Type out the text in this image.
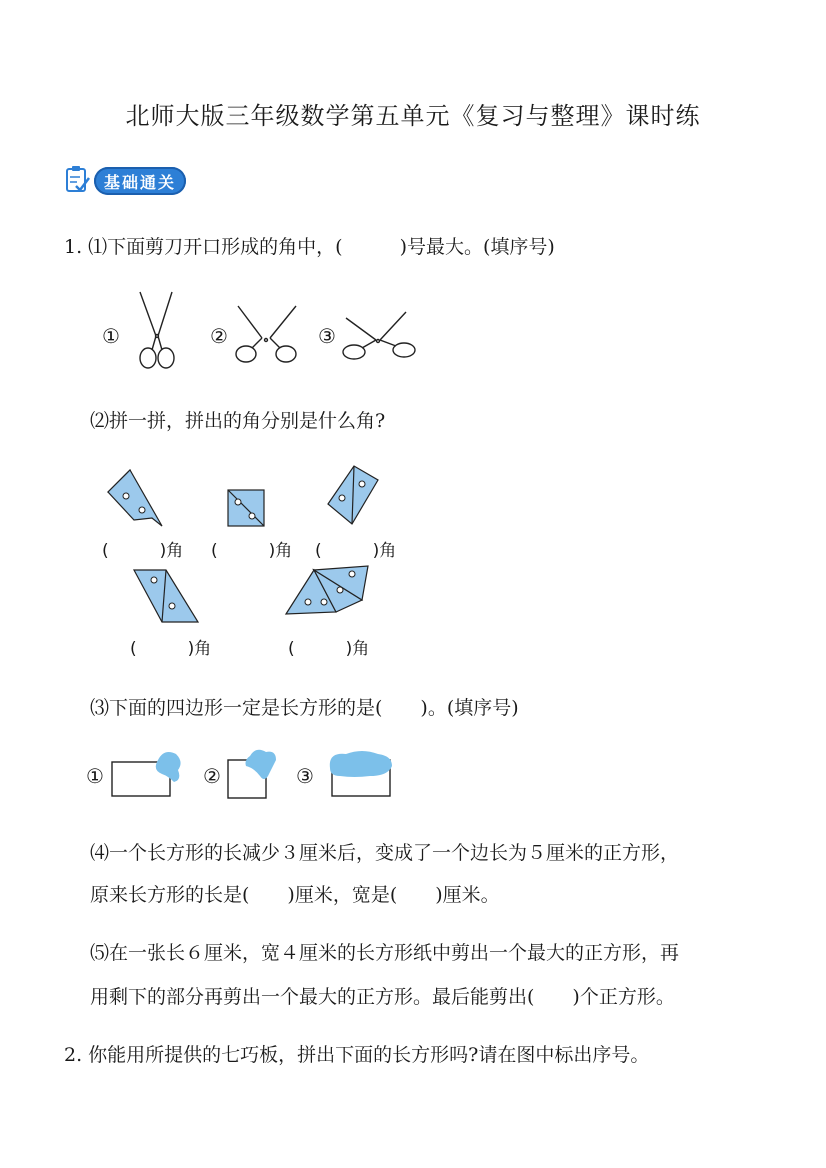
北师大版三年级数学第五单元《复习与整理》课时练
基础通关
1. ⑴下面剪刀开口形成的角中，(　　　)号最大。(填序号)
①	②	③
⑵拼一拼，拼出的角分别是什么角?
(　　　)角 (　　　)角 (　　　)角
(　　　)角	(　　　)角
⑶下面的四边形一定是长方形的是(　　)。(填序号)
①	②	③
⑷一个长方形的长减少３厘米后，变成了一个边长为５厘米的正方形，
原来长方形的长是(　　)厘米，宽是(　　)厘米。
⑸在一张长６厘米，宽４厘米的长方形纸中剪出一个最大的正方形，再
用剩下的部分再剪出一个最大的正方形。最后能剪出(　　)个正方形。
2. 你能用所提供的七巧板，拼出下面的长方形吗?请在图中标出序号。
